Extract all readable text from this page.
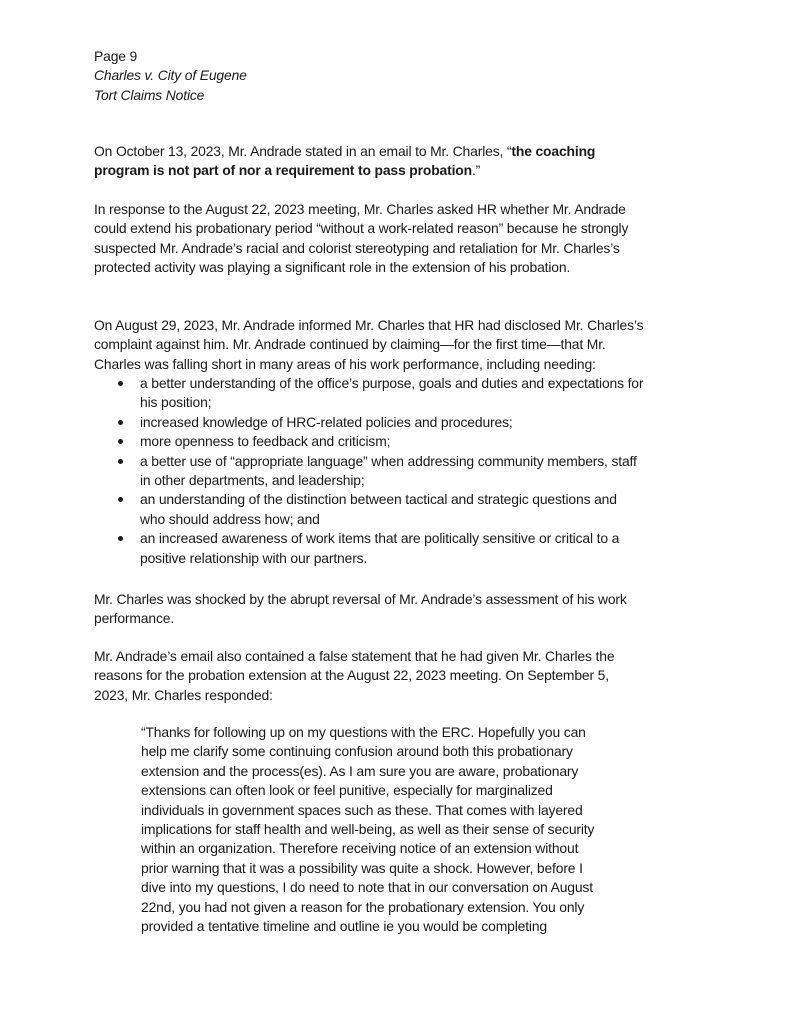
Page 9
Charles v. City of Eugene
Tort Claims Notice
On October 13, 2023, Mr. Andrade stated in an email to Mr. Charles, “the coaching
program is not part of nor a requirement to pass probation.”
In response to the August 22, 2023 meeting, Mr. Charles asked HR whether Mr. Andrade
could extend his probationary period “without a work-related reason” because he strongly
suspected Mr. Andrade’s racial and colorist stereotyping and retaliation for Mr. Charles’s
protected activity was playing a significant role in the extension of his probation.
On August 29, 2023, Mr. Andrade informed Mr. Charles that HR had disclosed Mr. Charles’s
complaint against him. Mr. Andrade continued by claiming—for the first time—that Mr.
Charles was falling short in many areas of his work performance, including needing:
a better understanding of the office’s purpose, goals and duties and expectations for
his position;
increased knowledge of HRC-related policies and procedures;
more openness to feedback and criticism;
a better use of “appropriate language” when addressing community members, staff
in other departments, and leadership;
an understanding of the distinction between tactical and strategic questions and
who should address how; and
an increased awareness of work items that are politically sensitive or critical to a
positive relationship with our partners.
Mr. Charles was shocked by the abrupt reversal of Mr. Andrade’s assessment of his work
performance.
Mr. Andrade’s email also contained a false statement that he had given Mr. Charles the
reasons for the probation extension at the August 22, 2023 meeting. On September 5,
2023, Mr. Charles responded:
“Thanks for following up on my questions with the ERC. Hopefully you can
help me clarify some continuing confusion around both this probationary
extension and the process(es). As I am sure you are aware, probationary
extensions can often look or feel punitive, especially for marginalized
individuals in government spaces such as these. That comes with layered
implications for staff health and well-being, as well as their sense of security
within an organization. Therefore receiving notice of an extension without
prior warning that it was a possibility was quite a shock. However, before I
dive into my questions, I do need to note that in our conversation on August
22nd, you had not given a reason for the probationary extension. You only
provided a tentative timeline and outline ie you would be completing
